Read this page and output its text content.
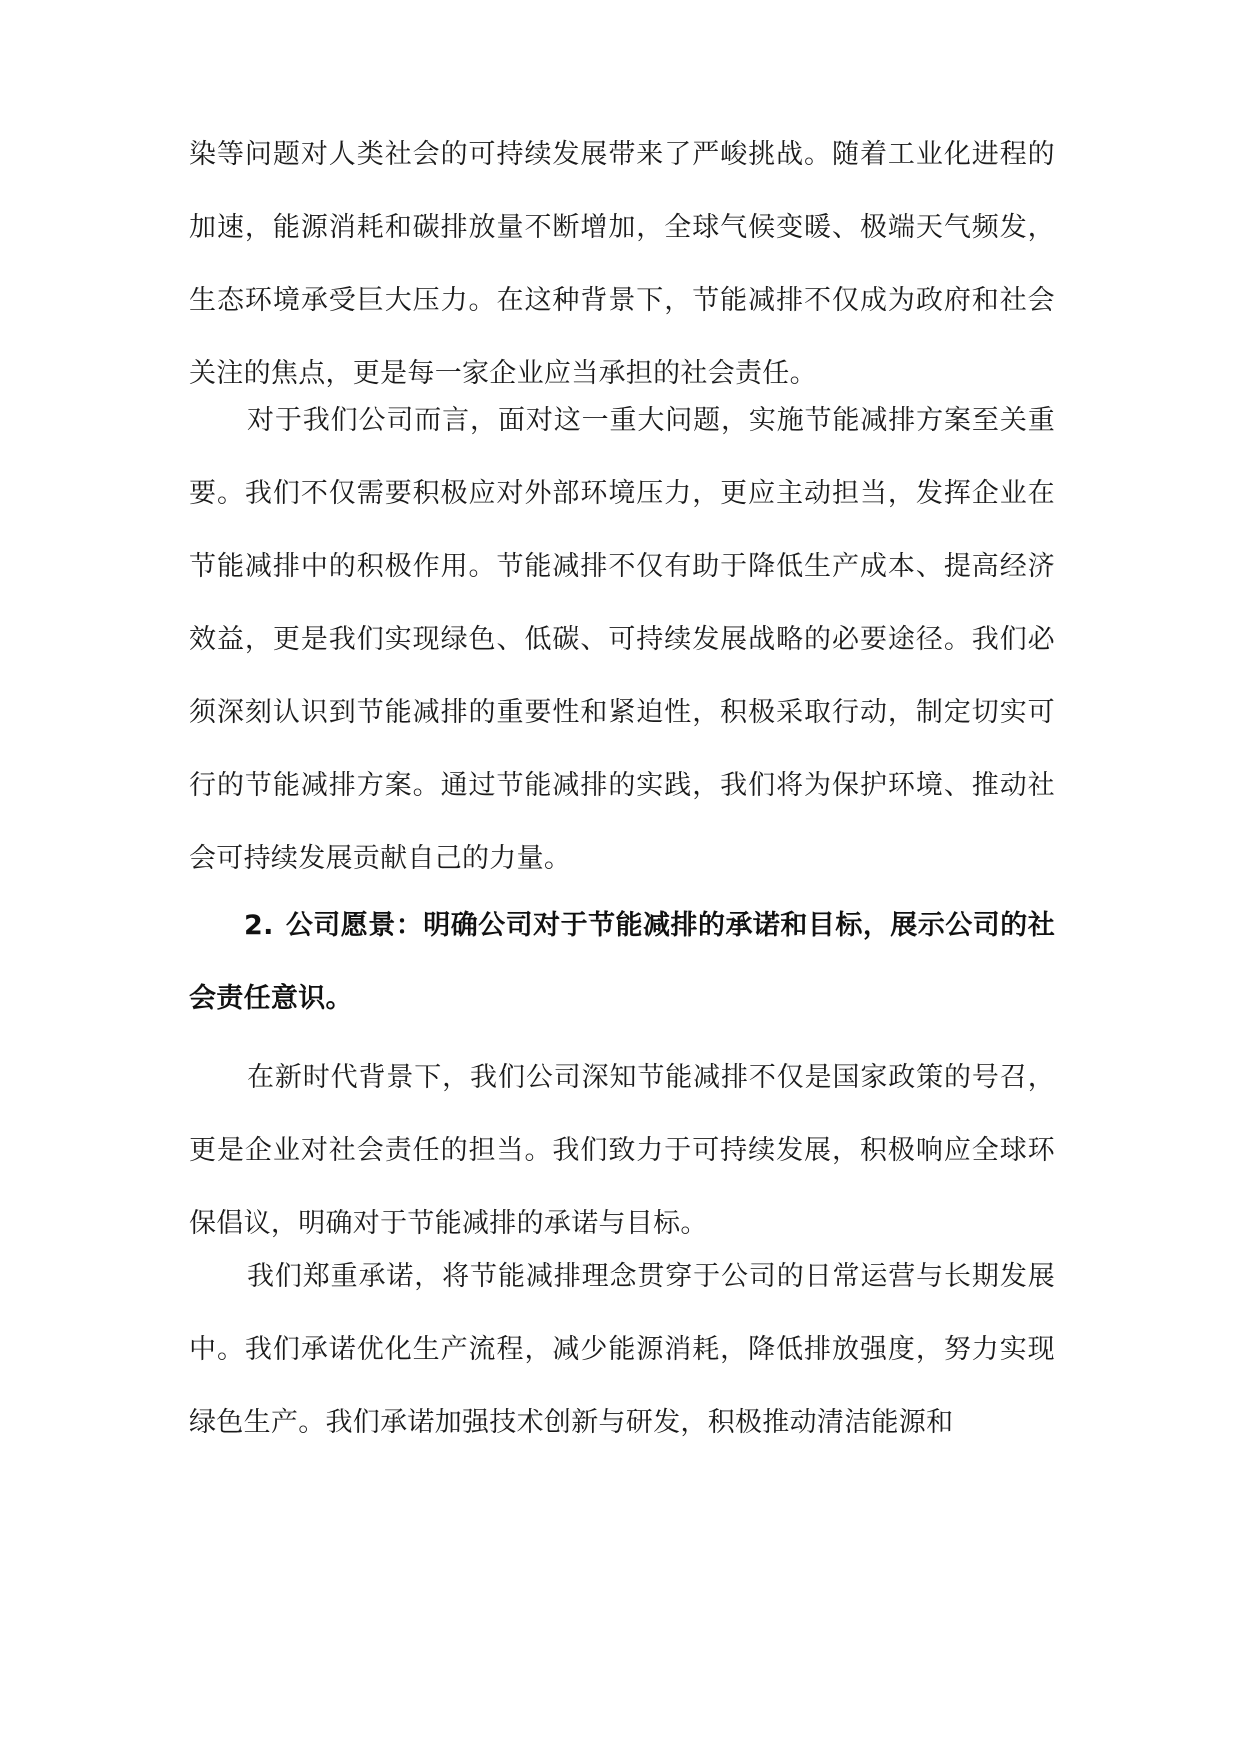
染等问题对人类社会的可持续发展带来了严峻挑战。随着工业化进程的加速，能源消耗和碳排放量不断增加，全球气候变暖、极端天气频发，生态环境承受巨大压力。在这种背景下，节能减排不仅成为政府和社会关注的焦点，更是每一家企业应当承担的社会责任。

对于我们公司而言，面对这一重大问题，实施节能减排方案至关重要。我们不仅需要积极应对外部环境压力，更应主动担当，发挥企业在节能减排中的积极作用。节能减排不仅有助于降低生产成本、提高经济效益，更是我们实现绿色、低碳、可持续发展战略的必要途径。我们必须深刻认识到节能减排的重要性和紧迫性，积极采取行动，制定切实可行的节能减排方案。通过节能减排的实践，我们将为保护环境、推动社会可持续发展贡献自己的力量。

2. 公司愿景：明确公司对于节能减排的承诺和目标，展示公司的社会责任意识。

在新时代背景下，我们公司深知节能减排不仅是国家政策的号召，更是企业对社会责任的担当。我们致力于可持续发展，积极响应全球环保倡议，明确对于节能减排的承诺与目标。

我们郑重承诺，将节能减排理念贯穿于公司的日常运营与长期发展中。我们承诺优化生产流程，减少能源消耗，降低排放强度，努力实现绿色生产。我们承诺加强技术创新与研发，积极推动清洁能源和
